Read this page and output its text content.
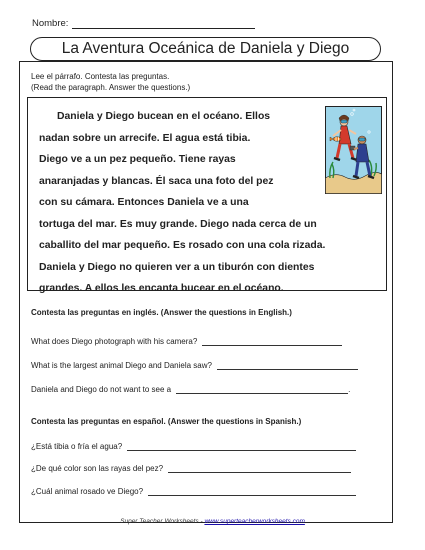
Nombre:
La Aventura Oceánica de Daniela y Diego
Lee el párrafo. Contesta las preguntas.
(Read the paragraph. Answer the questions.)
Daniela y Diego bucean en el océano. Ellos
nadan sobre un arrecife. El agua está tibia.
Diego ve a un pez pequeño. Tiene rayas
anaranjadas y blancas. Él saca una foto del pez
con su cámara. Entonces Daniela ve a una
tortuga del mar. Es muy grande. Diego nada cerca de un
caballito del mar pequeño. Es rosado con una cola rizada.
Daniela y Diego no quieren ver a un tiburón con dientes
grandes. A ellos les encanta bucear en el océano.
Contesta las preguntas en inglés. (Answer the questions in English.)
What does Diego photograph with his camera?
What is the largest animal Diego and Daniela saw?
Daniela and Diego do not want to see a	.
Contesta las preguntas en español. (Answer the questions in Spanish.)
¿Está tibia o fría el agua?
¿De qué color son las rayas del pez?
¿Cuál animal rosado ve Diego?
Super Teacher Worksheets - www.superteacherworksheets.com
